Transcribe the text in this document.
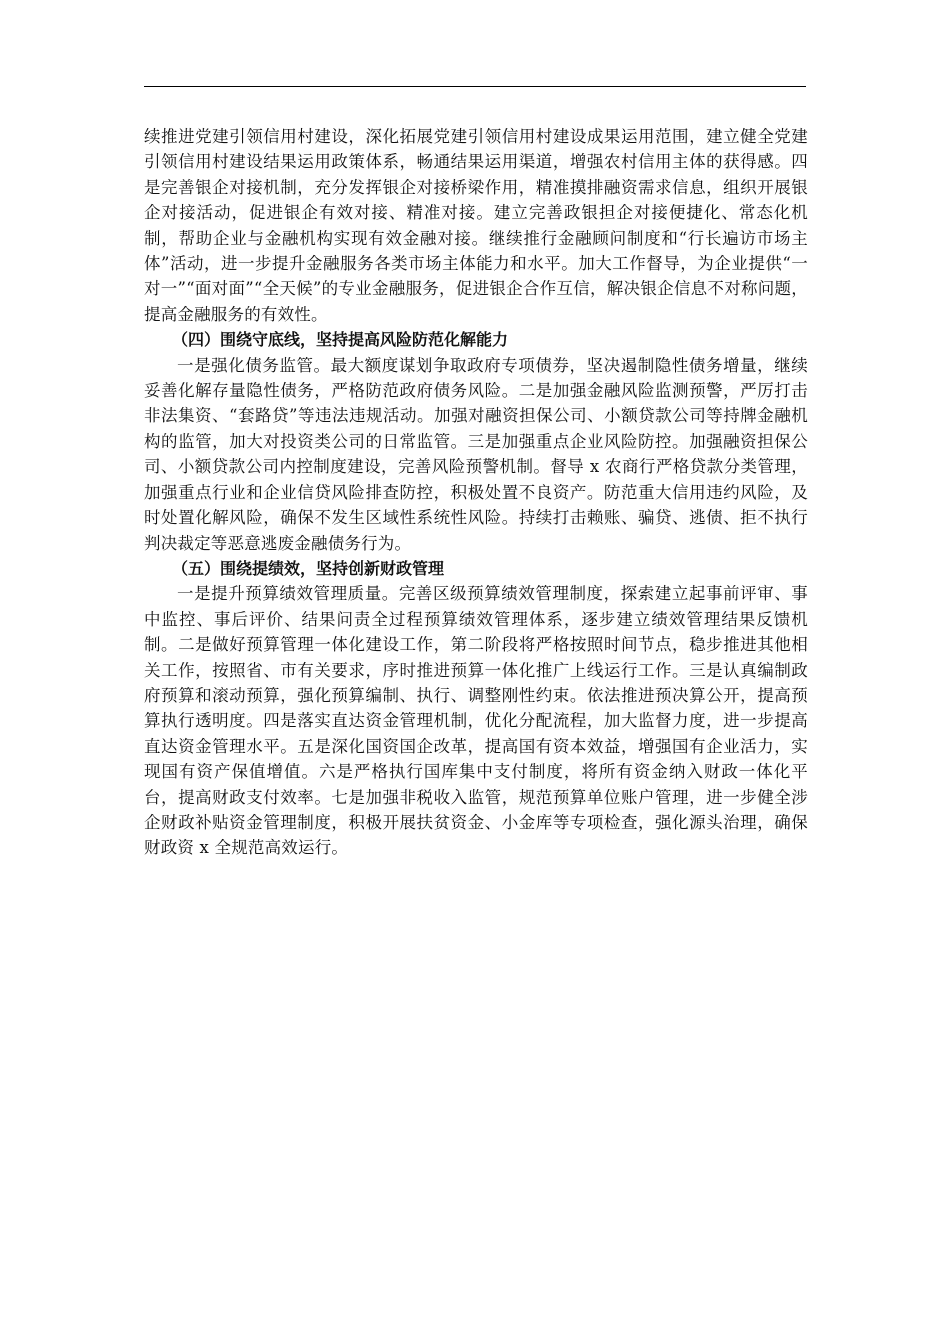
续推进党建引领信用村建设，深化拓展党建引领信用村建设成果运用范围，建立健全党建引领信用村建设结果运用政策体系，畅通结果运用渠道，增强农村信用主体的获得感。四是完善银企对接机制，充分发挥银企对接桥梁作用，精准摸排融资需求信息，组织开展银企对接活动，促进银企有效对接、精准对接。建立完善政银担企对接便捷化、常态化机制，帮助企业与金融机构实现有效金融对接。继续推行金融顾问制度和“行长遍访市场主体”活动，进一步提升金融服务各类市场主体能力和水平。加大工作督导，为企业提供“一对一”“面对面”“全天候”的专业金融服务，促进银企合作互信，解决银企信息不对称问题，提高金融服务的有效性。

（四）围绕守底线，坚持提高风险防范化解能力

一是强化债务监管。最大额度谋划争取政府专项债券，坚决遏制隐性债务增量，继续妥善化解存量隐性债务，严格防范政府债务风险。二是加强金融风险监测预警，严厉打击非法集资、“套路贷”等违法违规活动。加强对融资担保公司、小额贷款公司等持牌金融机构的监管，加大对投资类公司的日常监管。三是加强重点企业风险防控。加强融资担保公司、小额贷款公司内控制度建设，完善风险预警机制。督导 x 农商行严格贷款分类管理，加强重点行业和企业信贷风险排查防控，积极处置不良资产。防范重大信用违约风险，及时处置化解风险，确保不发生区域性系统性风险。持续打击赖账、骗贷、逃债、拒不执行判决裁定等恶意逃废金融债务行为。

（五）围绕提绩效，坚持创新财政管理

一是提升预算绩效管理质量。完善区级预算绩效管理制度，探索建立起事前评审、事中监控、事后评价、结果问责全过程预算绩效管理体系，逐步建立绩效管理结果反馈机制。二是做好预算管理一体化建设工作，第二阶段将严格按照时间节点，稳步推进其他相关工作，按照省、市有关要求，序时推进预算一体化推广上线运行工作。三是认真编制政府预算和滚动预算，强化预算编制、执行、调整刚性约束。依法推进预决算公开，提高预算执行透明度。四是落实直达资金管理机制，优化分配流程，加大监督力度，进一步提高直达资金管理水平。五是深化国资国企改革，提高国有资本效益，增强国有企业活力，实现国有资产保值增值。六是严格执行国库集中支付制度，将所有资金纳入财政一体化平台，提高财政支付效率。七是加强非税收入监管，规范预算单位账户管理，进一步健全涉企财政补贴资金管理制度，积极开展扶贫资金、小金库等专项检查，强化源头治理，确保财政资 x 全规范高效运行。
